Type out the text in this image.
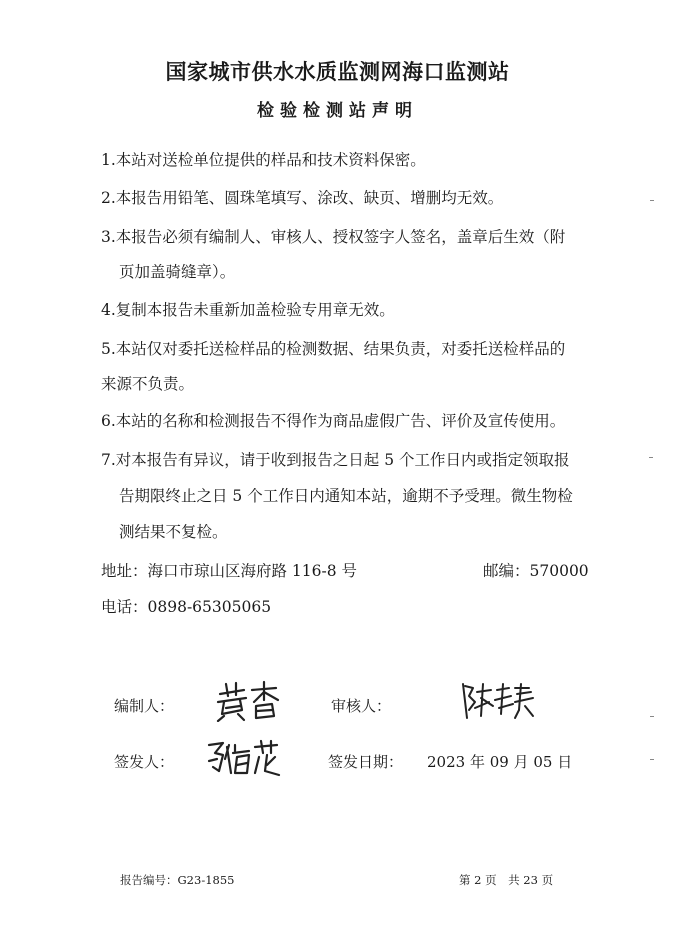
国家城市供水水质监测网海口监测站
检验检测站声明
1.本站对送检单位提供的样品和技术资料保密。
2.本报告用铅笔、圆珠笔填写、涂改、缺页、增删均无效。
3.本报告必须有编制人、审核人、授权签字人签名，盖章后生效（附
页加盖骑缝章）。
4.复制本报告未重新加盖检验专用章无效。
5.本站仅对委托送检样品的检测数据、结果负责，对委托送检样品的
来源不负责。
6.本站的名称和检测报告不得作为商品虚假广告、评价及宣传使用。
7.对本报告有异议，请于收到报告之日起 5 个工作日内或指定领取报
告期限终止之日 5 个工作日内通知本站，逾期不予受理。微生物检
测结果不复检。
地址：海口市琼山区海府路 116-8 号	邮编：570000
电话：0898-65305065
编制人：	审核人：
签发人：	签发日期： 2023 年 09 月 05 日
报告编号：G23-1855	第 2 页　共 23 页
